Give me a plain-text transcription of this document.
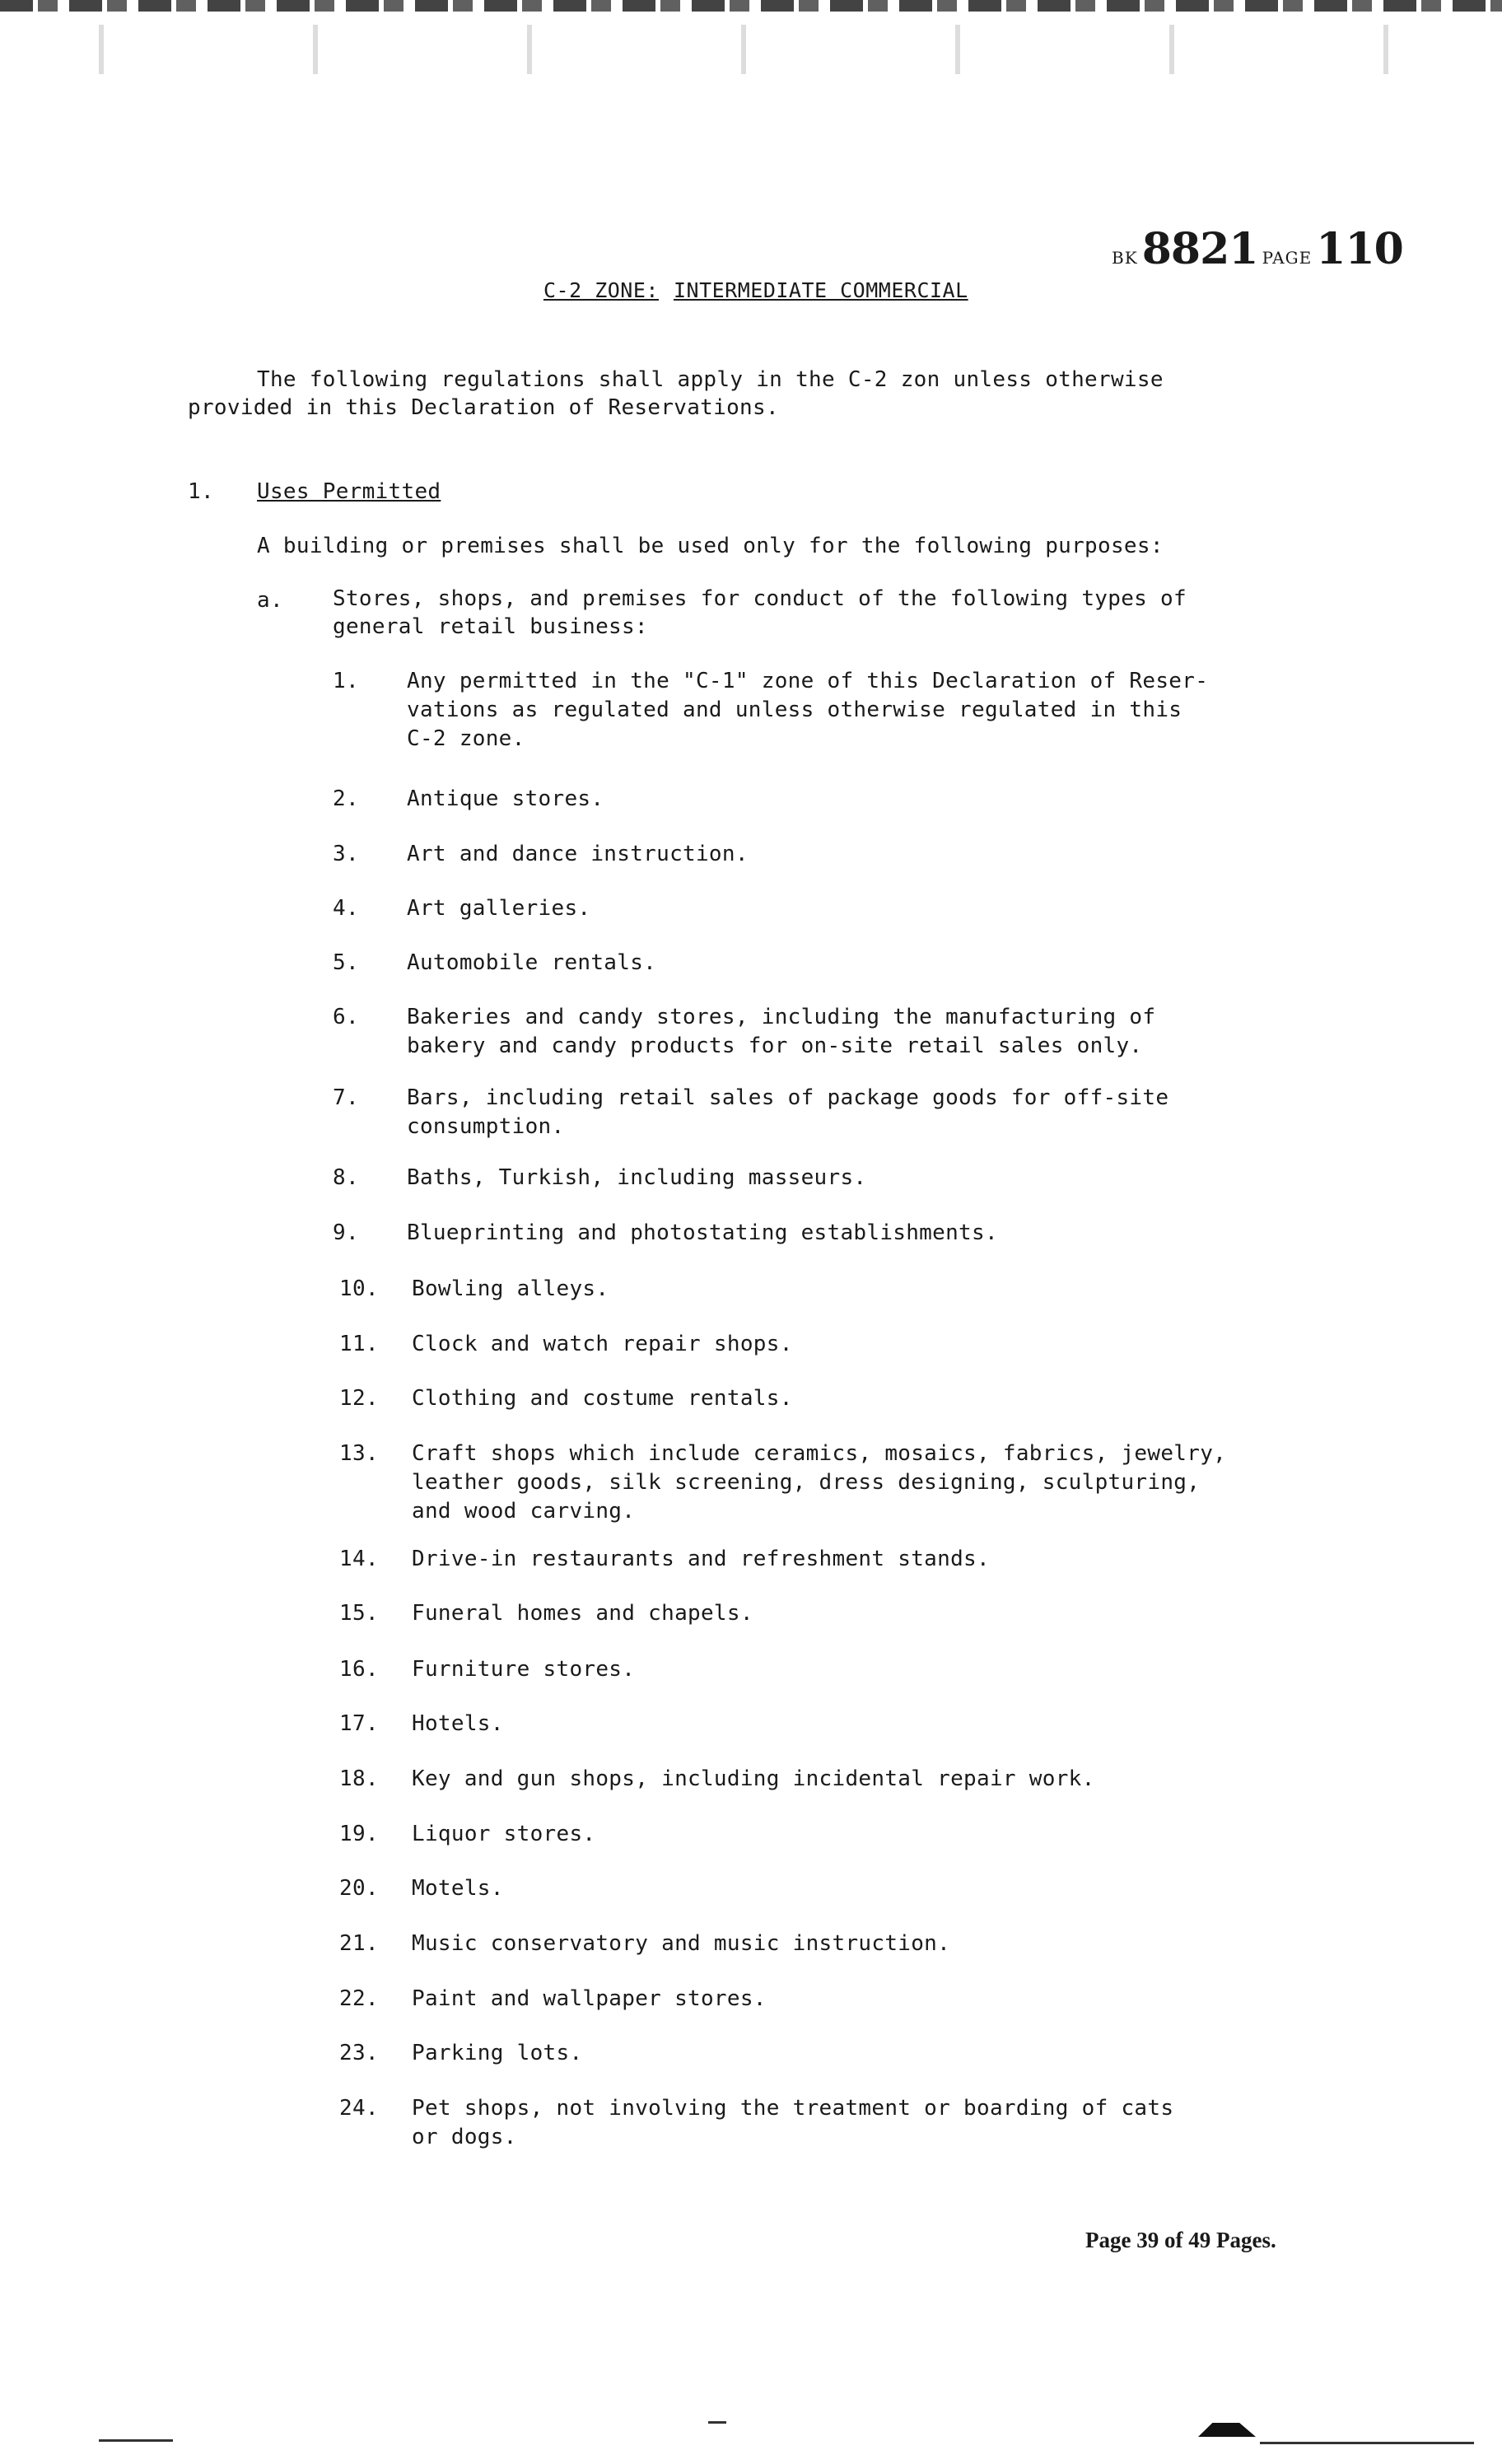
BK 8821 PAGE 110
C-2 ZONE: INTERMEDIATE COMMERCIAL
The following regulations shall apply in the C-2 zon unless otherwise
provided in this Declaration of Reservations.
1. Uses Permitted
A building or premises shall be used only for the following purposes:
a. Stores, shops, and premises for conduct of the following types of
general retail business:
1. Any permitted in the "C-1" zone of this Declaration of Reser-
vations as regulated and unless otherwise regulated in this
C-2 zone.
2. Antique stores.
3. Art and dance instruction.
4. Art galleries.
5. Automobile rentals.
6. Bakeries and candy stores, including the manufacturing of
bakery and candy products for on-site retail sales only.
7. Bars, including retail sales of package goods for off-site
consumption.
8. Baths, Turkish, including masseurs.
9. Blueprinting and photostating establishments.
10. Bowling alleys.
11. Clock and watch repair shops.
12. Clothing and costume rentals.
13. Craft shops which include ceramics, mosaics, fabrics, jewelry,
leather goods, silk screening, dress designing, sculpturing,
and wood carving.
14. Drive-in restaurants and refreshment stands.
15. Funeral homes and chapels.
16. Furniture stores.
17. Hotels.
18. Key and gun shops, including incidental repair work.
19. Liquor stores.
20. Motels.
21. Music conservatory and music instruction.
22. Paint and wallpaper stores.
23. Parking lots.
24. Pet shops, not involving the treatment or boarding of cats
or dogs.
Page 39 of 49 Pages.
